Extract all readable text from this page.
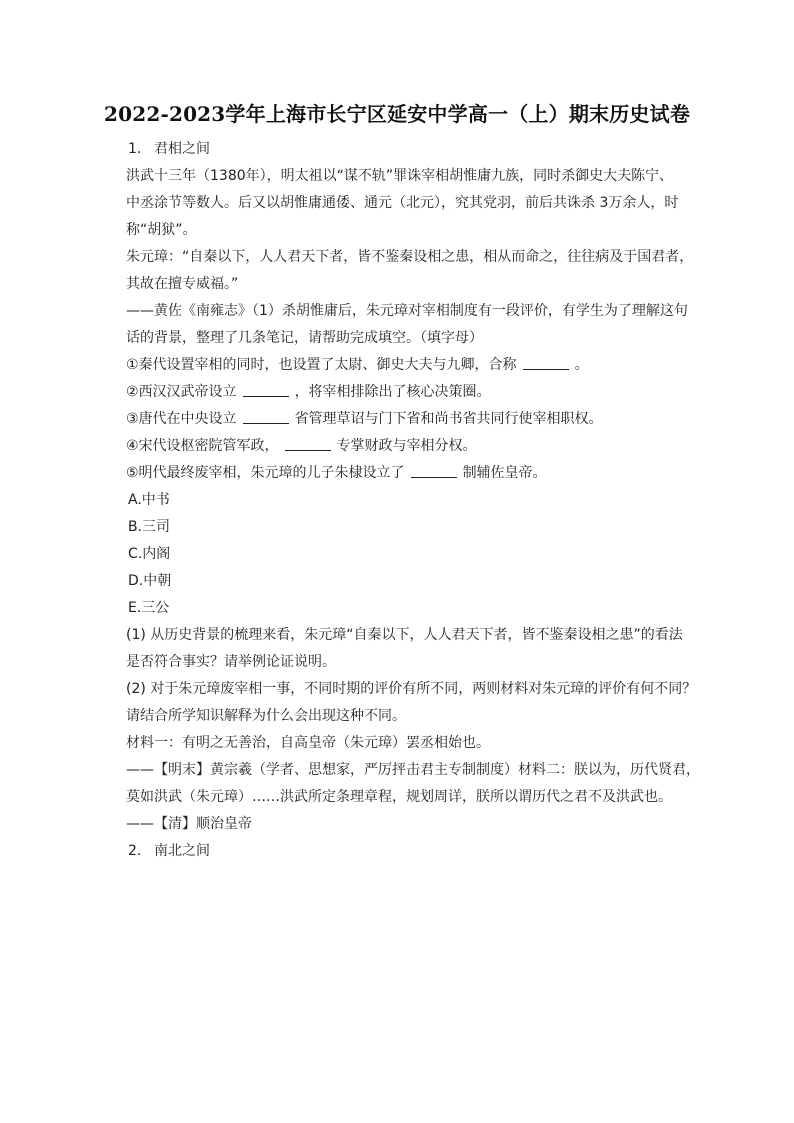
2022-2023学年上海市长宁区延安中学高一（上）期末历史试卷
1. 君相之间
洪武十三年（1380年），明太祖以“谋不轨”罪诛宰相胡惟庸九族，同时杀御史大夫陈宁、
中丞涂节等数人。后又以胡惟庸通倭、通元（北元），究其党羽，前后共诛杀 3万余人，时
称“胡狱”。
朱元璋：“自秦以下，人人君天下者，皆不鉴秦设相之患，相从而命之，往往病及于国君者，
其故在擅专威福。”
——黄佐《南雍志》（1）杀胡惟庸后，朱元璋对宰相制度有一段评价，有学生为了理解这句
话的背景，整理了几条笔记，请帮助完成填空。（填字母）
①秦代设置宰相的同时，也设置了太尉、御史大夫与九卿，合称	。
②西汉汉武帝设立	，将宰相排除出了核心决策圈。
③唐代在中央设立	省管理草诏与门下省和尚书省共同行使宰相职权。
④宋代设枢密院管军政，	专掌财政与宰相分权。
⑤明代最终废宰相，朱元璋的儿子朱棣设立了	制辅佐皇帝。
A.中书
B.三司
C.内阁
D.中朝
E.三公
(1) 从历史背景的梳理来看，朱元璋“自秦以下，人人君天下者，皆不鉴秦设相之患”的看法
是否符合事实？请举例论证说明。
(2) 对于朱元璋废宰相一事，不同时期的评价有所不同，两则材料对朱元璋的评价有何不同？
请结合所学知识解释为什么会出现这种不同。
材料一：有明之无善治，自高皇帝（朱元璋）罢丞相始也。
——【明末】黄宗羲（学者、思想家，严厉抨击君主专制制度）材料二：朕以为，历代贤君，
莫如洪武（朱元璋）……洪武所定条理章程，规划周详，朕所以谓历代之君不及洪武也。
——【清】顺治皇帝
2. 南北之间
